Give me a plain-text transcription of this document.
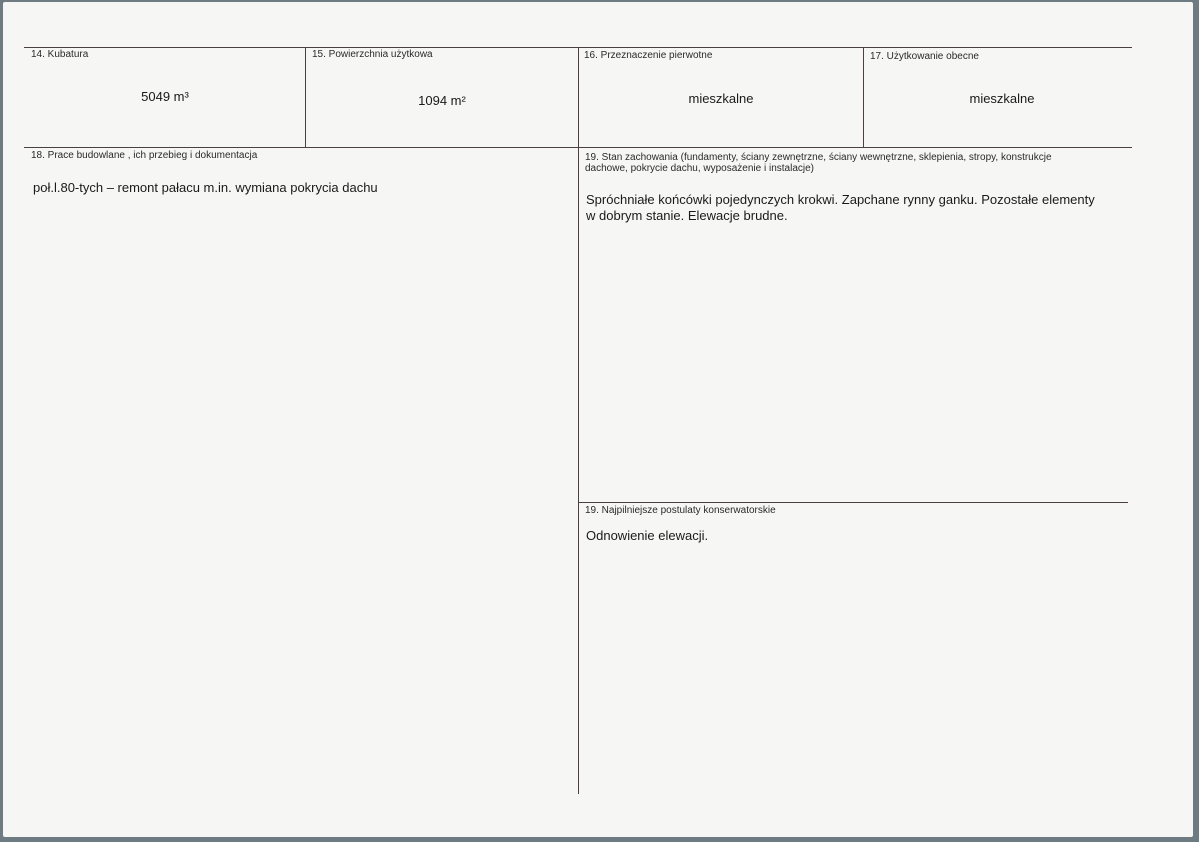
14. Kubatura
5049 m³
15. Powierzchnia użytkowa
1094 m²
16. Przeznaczenie pierwotne
mieszkalne
17. Użytkowanie obecne
mieszkalne
18. Prace budowlane , ich przebieg i dokumentacja
poł.l.80-tych – remont pałacu m.in. wymiana pokrycia dachu
19. Stan zachowania (fundamenty, ściany zewnętrzne, ściany wewnętrzne, sklepienia, stropy, konstrukcje dachowe, pokrycie dachu, wyposażenie i instalacje)
Spróchniałe końcówki pojedynczych krokwi. Zapchane rynny ganku. Pozostałe elementy w dobrym stanie. Elewacje brudne.
19. Najpilniejsze postulaty konserwatorskie
Odnowienie elewacji.
